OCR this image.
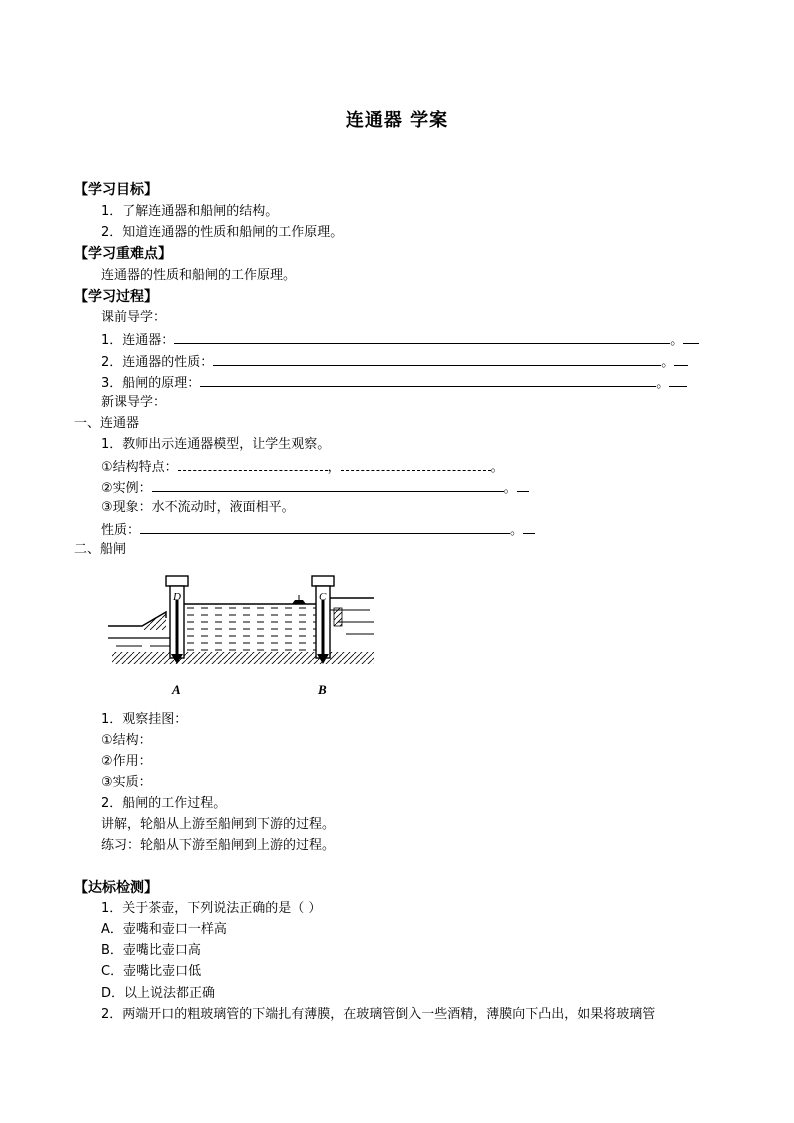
连通器 学案
【学习目标】
1．了解连通器和船闸的结构。
2．知道连通器的性质和船闸的工作原理。
【学习重难点】
连通器的性质和船闸的工作原理。
【学习过程】
课前导学：
1．连通器：	。
2．连通器的性质：	。
3．船闸的原理：	。
新课导学：
一、连通器
1．教师出示连通器模型，让学生观察。
①结构特点：	，	。
②实例：	。
③现象：水不流动时，液面相平。
性质：	。
二、船闸
D	C
A	B
1．观察挂图：
①结构：
②作用：
③实质：
2．船闸的工作过程。
讲解，轮船从上游至船闸到下游的过程。
练习：轮船从下游至船闸到上游的过程。
【达标检测】
1．关于茶壶，下列说法正确的是（ ）
A．壶嘴和壶口一样高
B．壶嘴比壶口高
C．壶嘴比壶口低
D．以上说法都正确
2．两端开口的粗玻璃管的下端扎有薄膜，在玻璃管倒入一些酒精，薄膜向下凸出，如果将玻璃管
